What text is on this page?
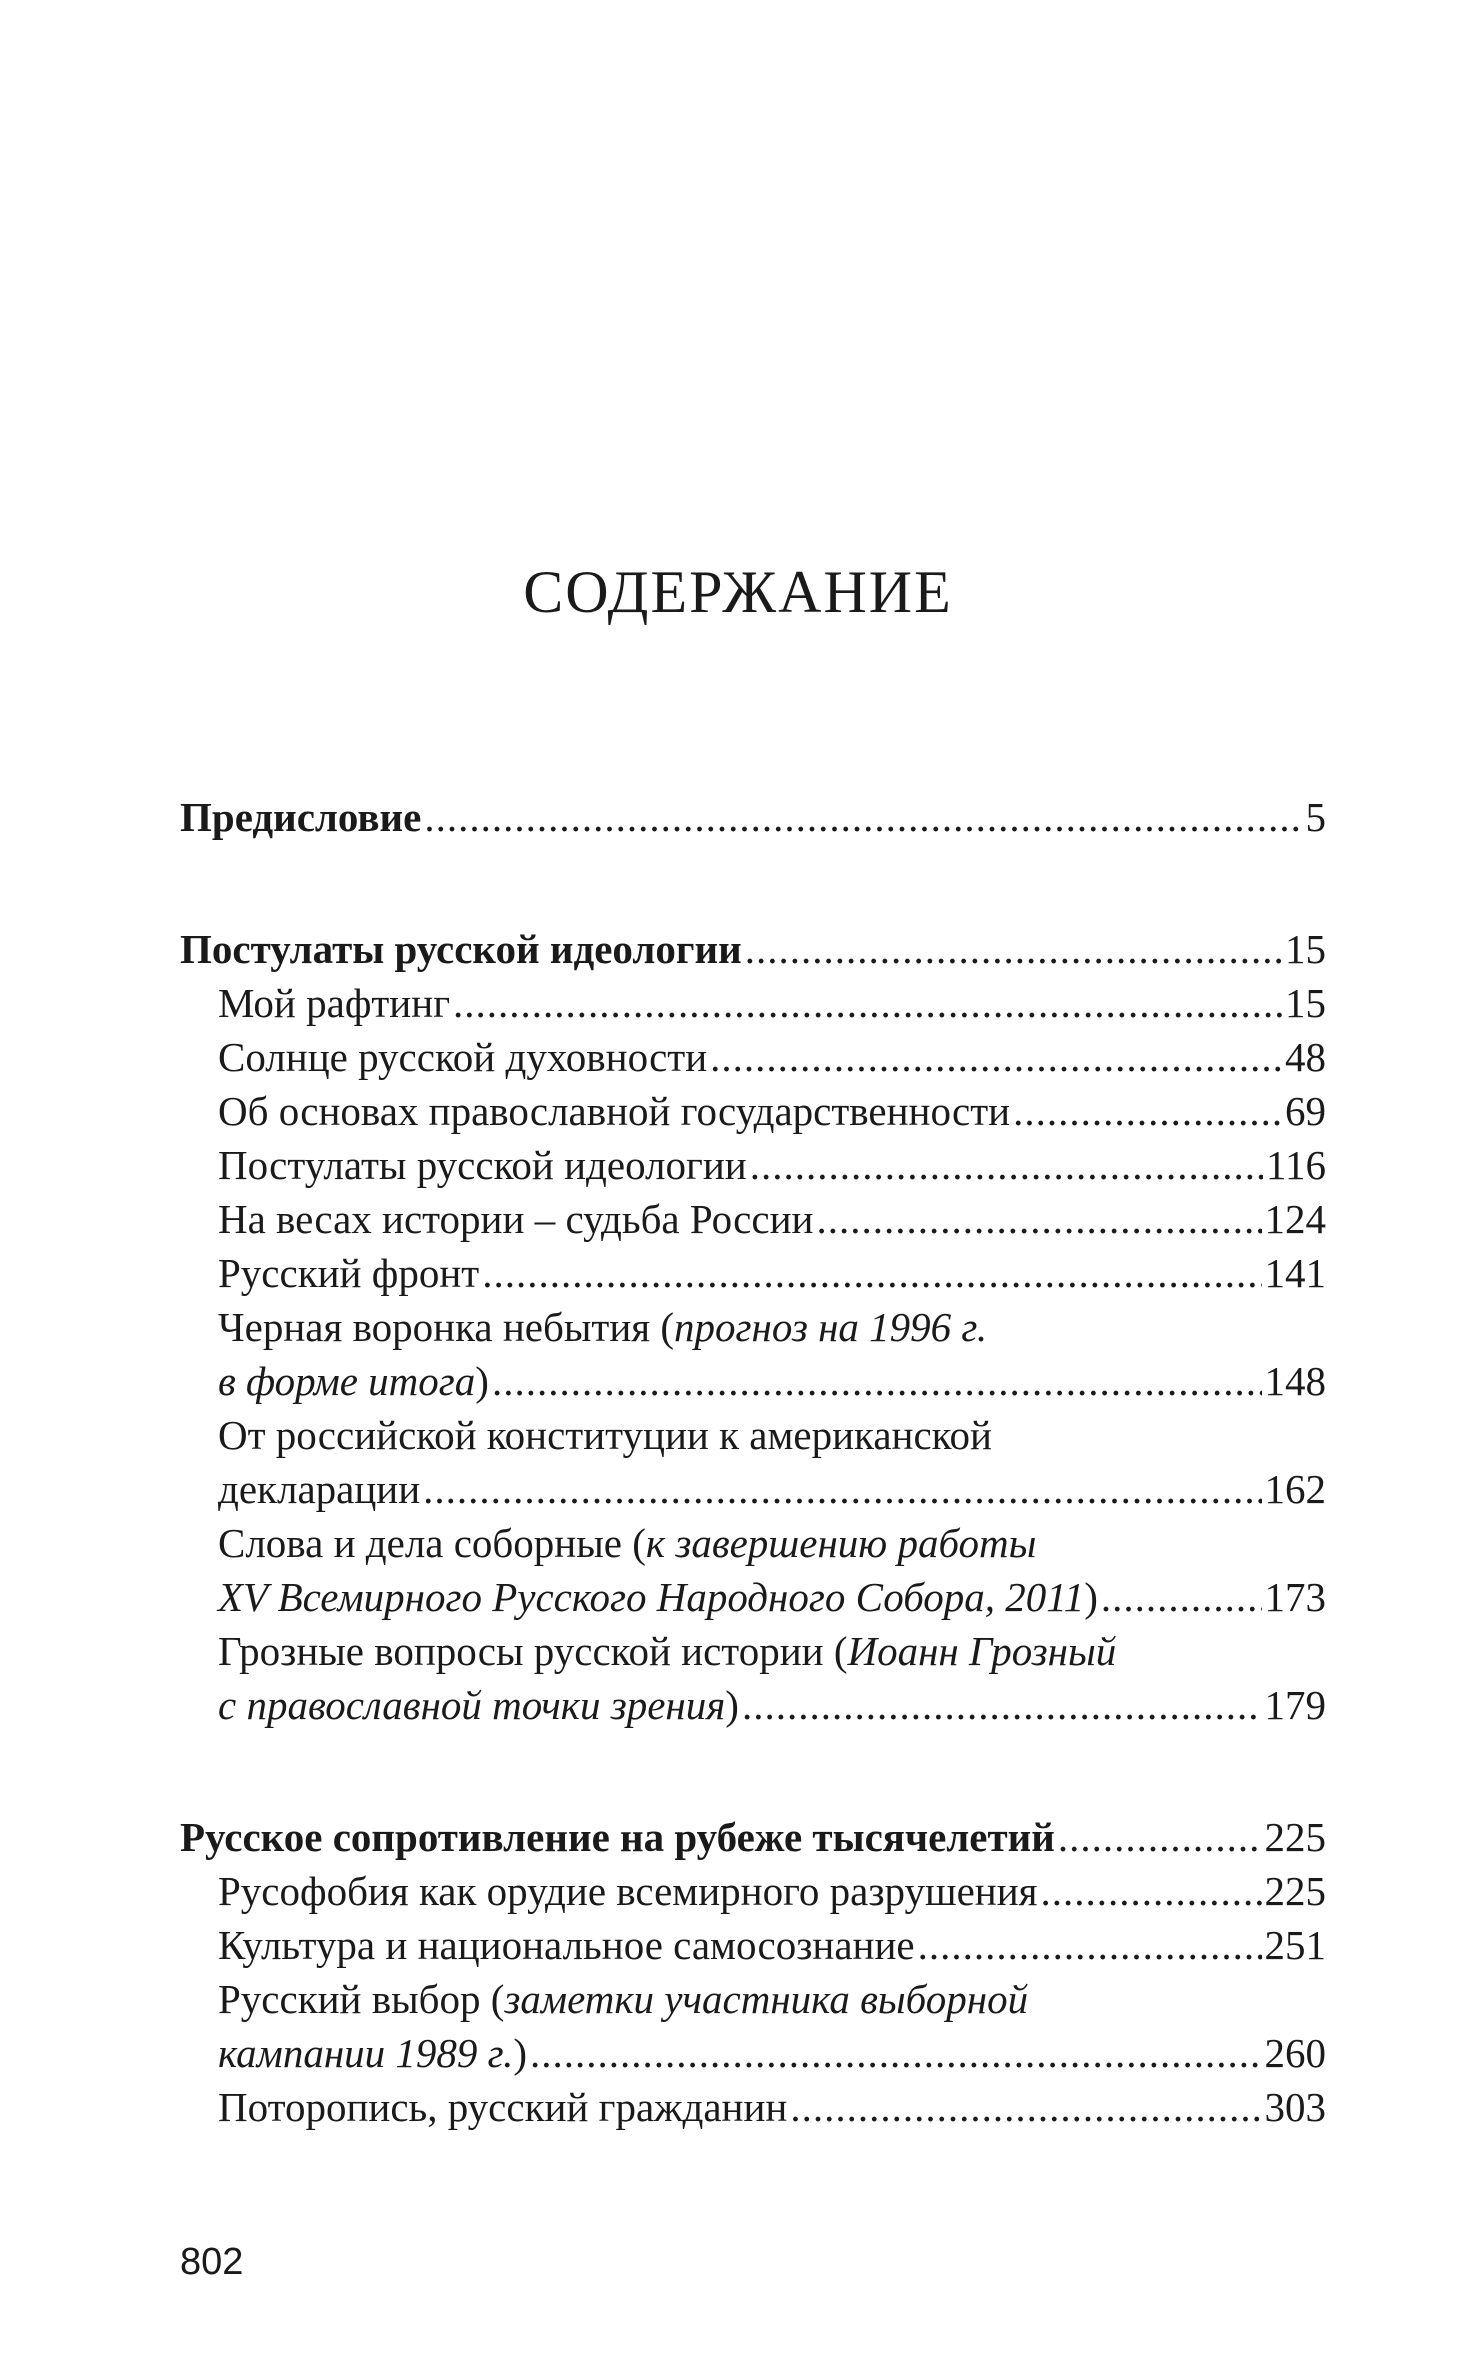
СОДЕРЖАНИЕ
Предисловие .....	5
Постулаты русской идеологии .....	15
Мой рафтинг .....	15
Солнце русской духовности .....	48
Об основах православной государственности .....	69
Постулаты русской идеологии .....	116
На весах истории – судьба России .....	124
Русский фронт .....	141
Черная воронка небытия (прогноз на 1996 г.
в форме итога) .....	148
От российской конституции к американской
декларации .....	162
Слова и дела соборные (к завершению работы
XV Всемирного Русского Народного Собора, 2011) .....	173
Грозные вопросы русской истории (Иоанн Грозный
с православной точки зрения) .....	179
Русское сопротивление на рубеже тысячелетий .....	225
Русофобия как орудие всемирного разрушения .....	225
Культура и национальное самосознание .....	251
Русский выбор (заметки участника выборной
кампании 1989 г.) .....	260
Поторопись, русский гражданин .....	303
802
